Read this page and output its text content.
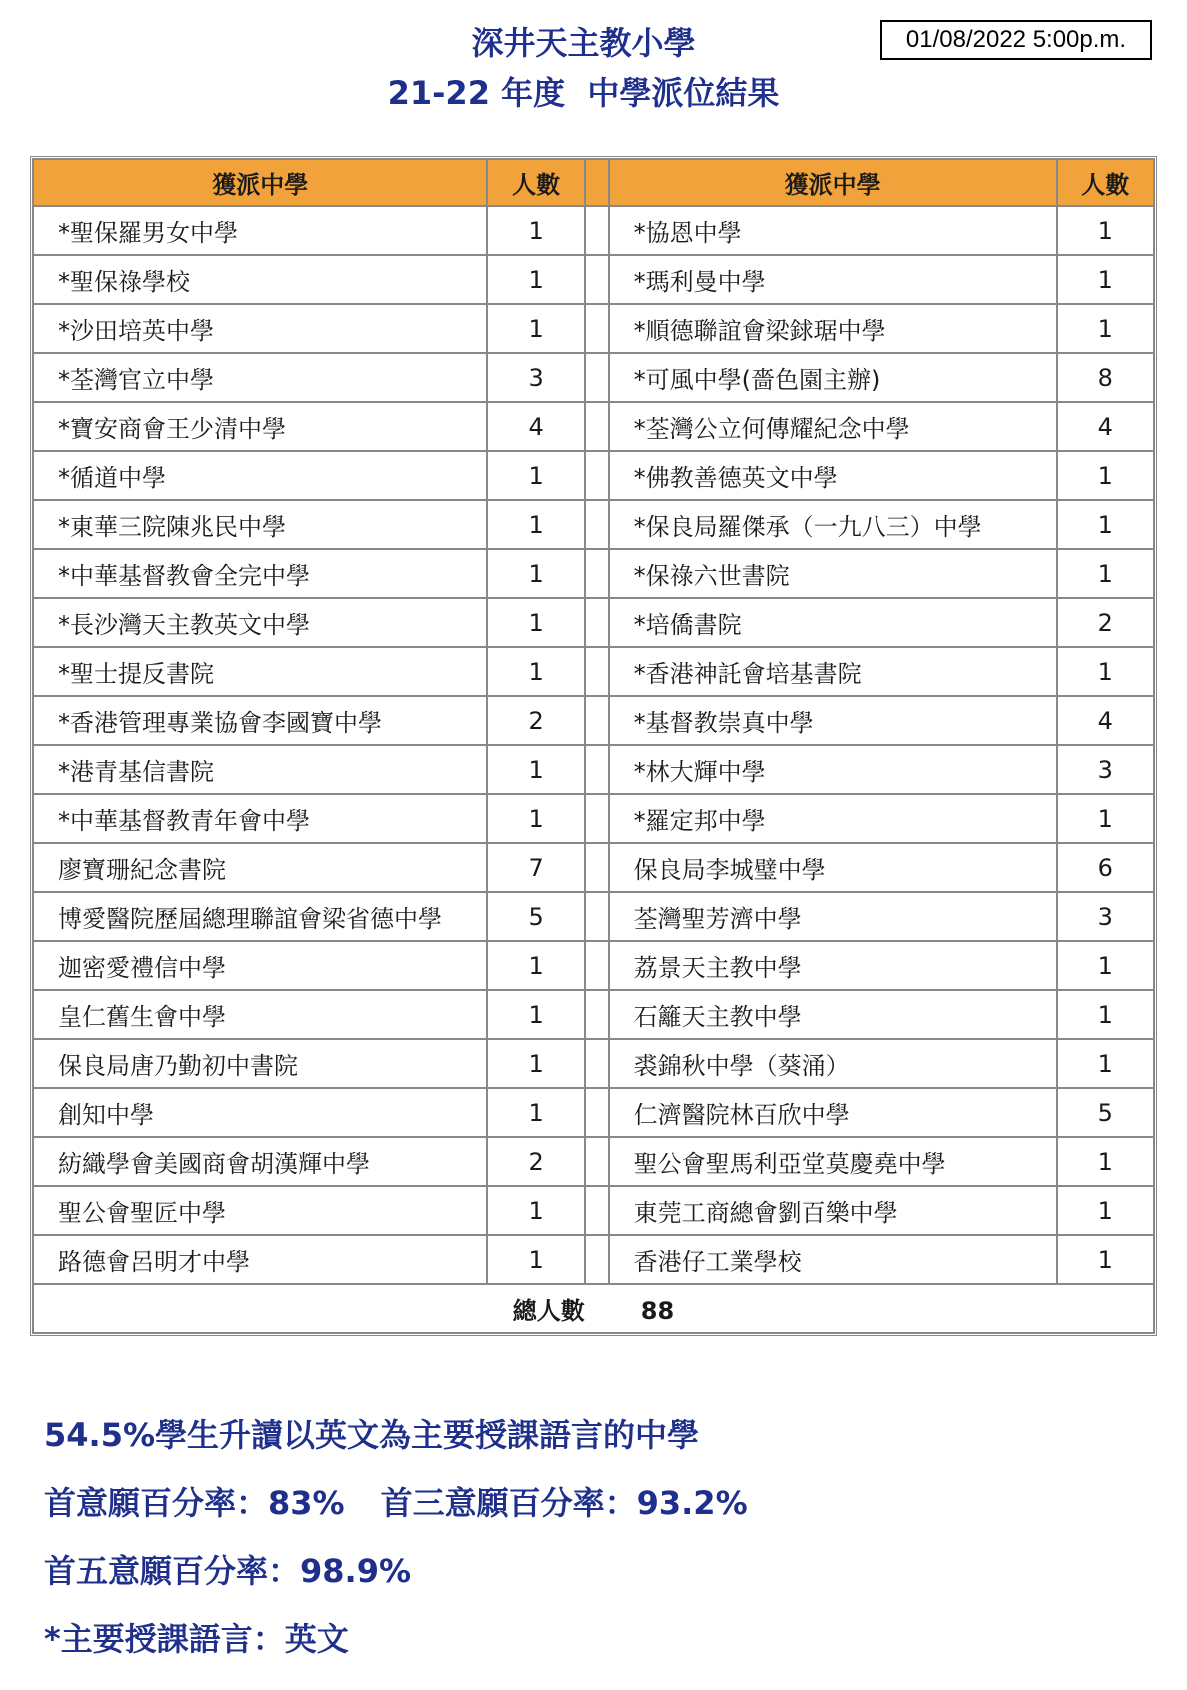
深井天主教小學
21-22 年度  中學派位結果
01/08/2022 5:00p.m.
獲派中學	人數		獲派中學	人數
*聖保羅男女中學	1		*協恩中學	1
*聖保祿學校	1		*瑪利曼中學	1
*沙田培英中學	1		*順德聯誼會梁銶琚中學	1
*荃灣官立中學	3		*可風中學(嗇色園主辦)	8
*寶安商會王少清中學	4		*荃灣公立何傳耀紀念中學	4
*循道中學	1		*佛教善德英文中學	1
*東華三院陳兆民中學	1		*保良局羅傑承（一九八三）中學	1
*中華基督教會全完中學	1		*保祿六世書院	1
*長沙灣天主教英文中學	1		*培僑書院	2
*聖士提反書院	1		*香港神託會培基書院	1
*香港管理專業協會李國寶中學	2		*基督教崇真中學	4
*港青基信書院	1		*林大輝中學	3
*中華基督教青年會中學	1		*羅定邦中學	1
廖寶珊紀念書院	7		保良局李城璧中學	6
博愛醫院歷屆總理聯誼會梁省德中學	5		荃灣聖芳濟中學	3
迦密愛禮信中學	1		荔景天主教中學	1
皇仁舊生會中學	1		石籬天主教中學	1
保良局唐乃勤初中書院	1		裘錦秋中學（葵涌）	1
創知中學	1		仁濟醫院林百欣中學	5
紡織學會美國商會胡漢輝中學	2		聖公會聖馬利亞堂莫慶堯中學	1
聖公會聖匠中學	1		東莞工商總會劉百樂中學	1
路德會呂明才中學	1		香港仔工業學校	1
總人數 88				
54.5%學生升讀以英文為主要授課語言的中學
首意願百分率：83% 首三意願百分率：93.2%
首五意願百分率：98.9%
*主要授課語言：英文
